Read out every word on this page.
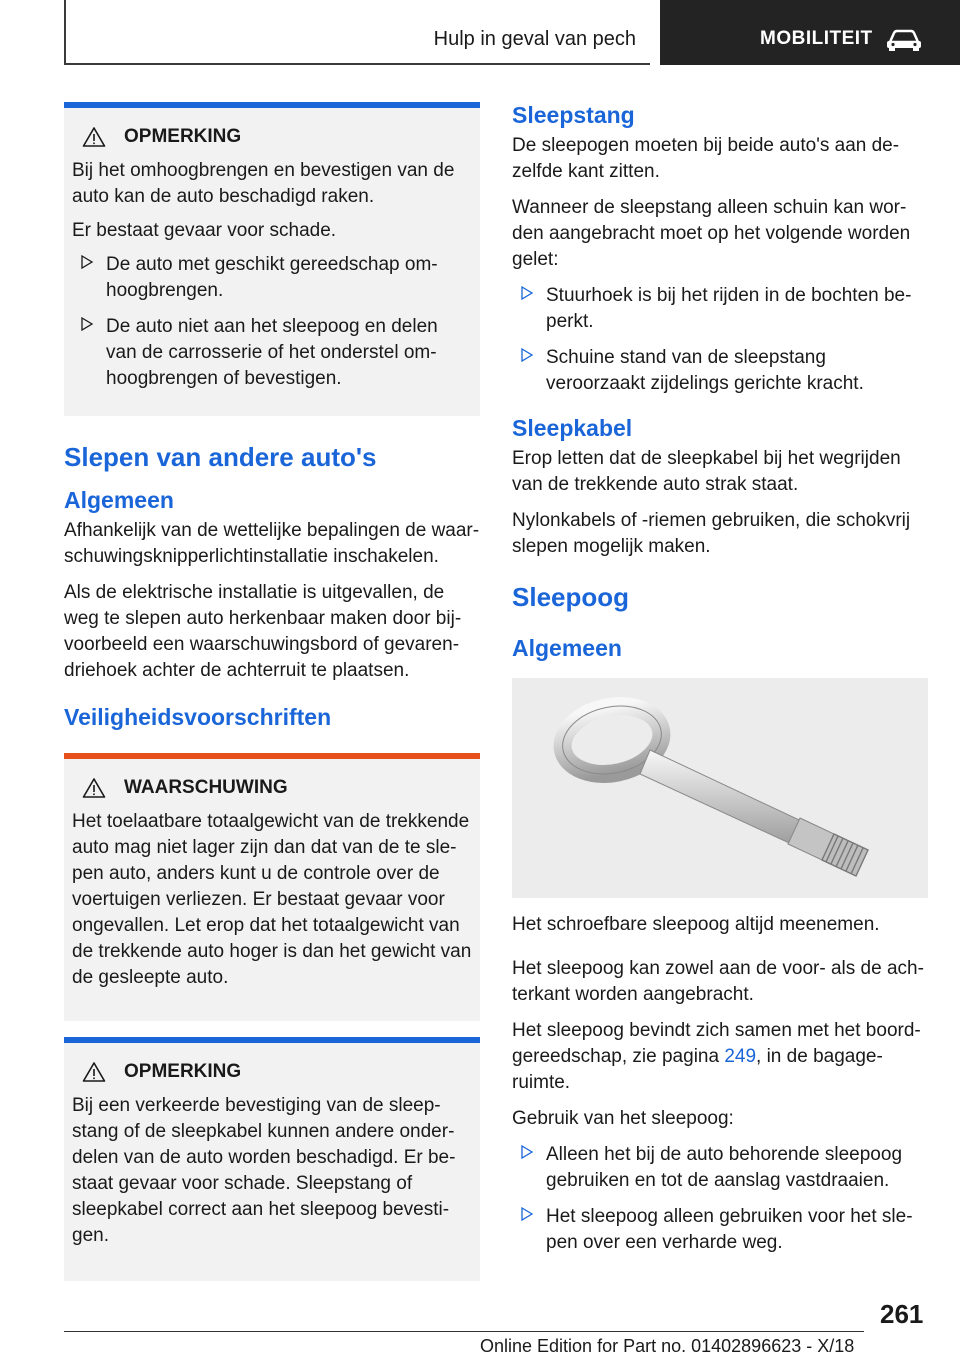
Hulp in geval van pech	MOBILITEIT
OPMERKING

Bij het omhoogbrengen en bevestigen van de auto kan de auto beschadigd raken.

Er bestaat gevaar voor schade.

De auto met geschikt gereedschap omhoogbrengen.
De auto niet aan het sleepoog en delen van de carrosserie of het onderstel omhoogbrengen of bevestigen.
Slepen van andere auto's
Algemeen

Afhankelijk van de wettelijke bepalingen de waarschuwingsknipperlichtinstallatie inschakelen.

Als de elektrische installatie is uitgevallen, de weg te slepen auto herkenbaar maken door bijvoorbeeld een waarschuwingsbord of gevarendriehoek achter de achterruit te plaatsen.

Veiligheidsvoorschriften
WAARSCHUWING

Het toelaatbare totaalgewicht van de trekkende auto mag niet lager zijn dan dat van de te slepen auto, anders kunt u de controle over de voertuigen verliezen. Er bestaat gevaar voor ongevallen. Let erop dat het totaalgewicht van de trekkende auto hoger is dan het gewicht van de gesleepte auto.

OPMERKING

Bij een verkeerde bevestiging van de sleepstang of de sleepkabel kunnen andere onderdelen van de auto worden beschadigd. Er bestaat gevaar voor schade. Sleepstang of sleepkabel correct aan het sleepoog bevestigen.

Sleepstang

De sleepogen moeten bij beide auto's aan dezelfde kant zitten.

Wanneer de sleepstang alleen schuin kan worden aangebracht moet op het volgende worden gelet:

Stuurhoek is bij het rijden in de bochten beperkt.
Schuine stand van de sleepstang veroorzaakt zijdelings gerichte kracht.
Sleepkabel

Erop letten dat de sleepkabel bij het wegrijden van de trekkende auto strak staat.

Nylonkabels of -riemen gebruiken, die schokvrij slepen mogelijk maken.

Sleepoog
Algemeen

Het schroefbare sleepoog altijd meenemen.

Het sleepoog kan zowel aan de voor- als de achterkant worden aangebracht.

Het sleepoog bevindt zich samen met het boordgereedschap, zie pagina 249, in de bagageruimte.

Gebruik van het sleepoog:

Alleen het bij de auto behorende sleepoog gebruiken en tot de aanslag vastdraaien.
Het sleepoog alleen gebruiken voor het slepen over een verharde weg.
261
Online Edition for Part no. 01402896623 - X/18
